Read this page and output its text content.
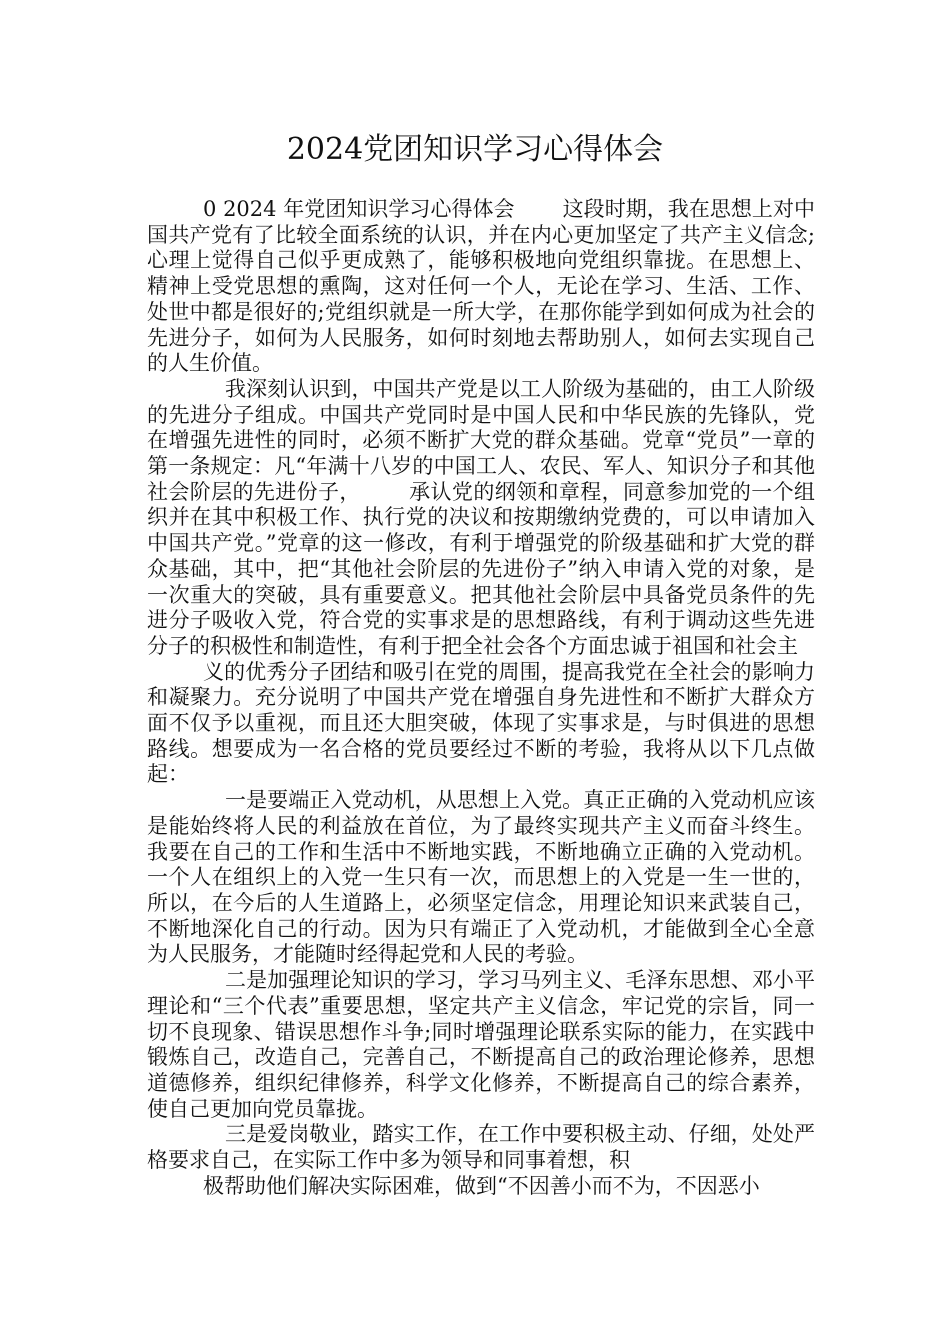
2024党团知识学习心得体会

0 2024 年党团知识学习心得体会 这段时期，我在思想上对中国共产党有了比较全面系统的认识，并在内心更加坚定了共产主义信念;心理上觉得自己似乎更成熟了，能够积极地向党组织靠拢。在思想上、精神上受党思想的熏陶，这对任何一个人，无论在学习、生活、工作、处世中都是很好的;党组织就是一所大学，在那你能学到如何成为社会的先进分子，如何为人民服务，如何时刻地去帮助别人，如何去实现自己的人生价值。

我深刻认识到，中国共产党是以工人阶级为基础的，由工人阶级的先进分子组成。中国共产党同时是中国人民和中华民族的先锋队，党在增强先进性的同时，必须不断扩大党的群众基础。党章“党员”一章的第一条规定：凡“年满十八岁的中国工人、农民、军人、知识分子和其他社会阶层的先进份子， 承认党的纲领和章程，同意参加党的一个组织并在其中积极工作、执行党的决议和按期缴纳党费的，可以申请加入中国共产党。”党章的这一修改，有利于增强党的阶级基础和扩大党的群众基础，其中，把“其他社会阶层的先进份子”纳入申请入党的对象，是一次重大的突破，具有重要意义。把其他社会阶层中具备党员条件的先进分子吸收入党，符合党的实事求是的思想路线，有利于调动这些先进分子的积极性和制造性，有利于把全社会各个方面忠诚于祖国和社会主

义的优秀分子团结和吸引在党的周围，提高我党在全社会的影响力和凝聚力。充分说明了中国共产党在增强自身先进性和不断扩大群众方面不仅予以重视，而且还大胆突破，体现了实事求是，与时俱进的思想路线。想要成为一名合格的党员要经过不断的考验，我将从以下几点做起：

一是要端正入党动机，从思想上入党。真正正确的入党动机应该是能始终将人民的利益放在首位，为了最终实现共产主义而奋斗终生。我要在自己的工作和生活中不断地实践，不断地确立正确的入党动机。一个人在组织上的入党一生只有一次，而思想上的入党是一生一世的，所以，在今后的人生道路上，必须坚定信念，用理论知识来武装自己，不断地深化自己的行动。因为只有端正了入党动机，才能做到全心全意为人民服务，才能随时经得起党和人民的考验。

二是加强理论知识的学习，学习马列主义、毛泽东思想、邓小平理论和“三个代表”重要思想，坚定共产主义信念，牢记党的宗旨，同一切不良现象、错误思想作斗争;同时增强理论联系实际的能力，在实践中锻炼自己，改造自己，完善自己，不断提高自己的政治理论修养，思想道德修养，组织纪律修养，科学文化修养，不断提高自己的综合素养，使自己更加向党员靠拢。

三是爱岗敬业，踏实工作，在工作中要积极主动、仔细，处处严格要求自己，在实际工作中多为领导和同事着想，积

极帮助他们解决实际困难，做到“不因善小而不为，不因恶小
